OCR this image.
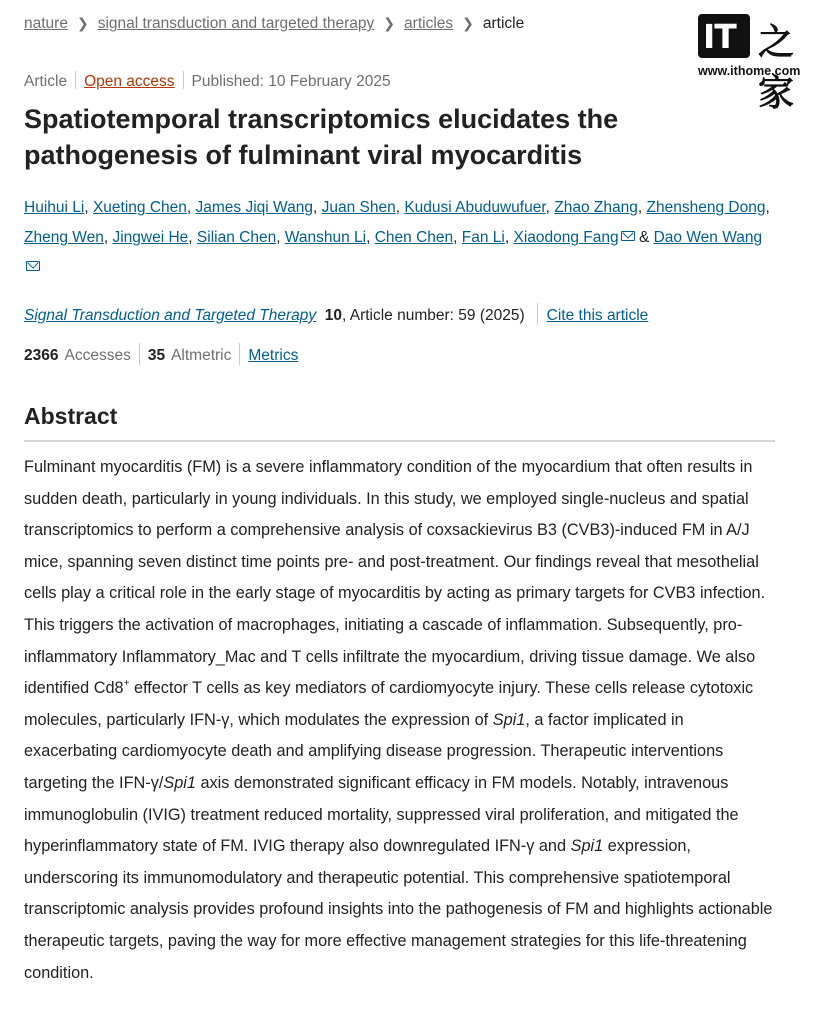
nature ❯ signal transduction and targeted therapy ❯ articles ❯ article	IT 之家
www.ithome.com
Article Open access Published: 10 February 2025
Spatiotemporal transcriptomics elucidates the pathogenesis of fulminant viral myocarditis
Huihui Li, Xueting Chen, James Jiqi Wang, Juan Shen, Kudusi Abuduwufuer, Zhao Zhang, Zhensheng Dong,
Zheng Wen, Jingwei He, Silian Chen, Wanshun Li, Chen Chen, Fan Li, Xiaodong Fang & Dao Wen Wang

Signal Transduction and Targeted Therapy 10, Article number: 59 (2025) Cite this article
2366 Accesses 35 Altmetric Metrics
Abstract

Fulminant myocarditis (FM) is a severe inflammatory condition of the myocardium that often results in sudden death, particularly in young individuals. In this study, we employed single-nucleus and spatial transcriptomics to perform a comprehensive analysis of coxsackievirus B3 (CVB3)-induced FM in A/J mice, spanning seven distinct time points pre- and post-treatment. Our findings reveal that mesothelial cells play a critical role in the early stage of myocarditis by acting as primary targets for CVB3 infection. This triggers the activation of macrophages, initiating a cascade of inflammation. Subsequently, pro-inflammatory Inflammatory_Mac and T cells infiltrate the myocardium, driving tissue damage. We also identified Cd8+ effector T cells as key mediators of cardiomyocyte injury. These cells release cytotoxic molecules, particularly IFN-γ, which modulates the expression of Spi1, a factor implicated in exacerbating cardiomyocyte death and amplifying disease progression. Therapeutic interventions targeting the IFN-γ/Spi1 axis demonstrated significant efficacy in FM models. Notably, intravenous immunoglobulin (IVIG) treatment reduced mortality, suppressed viral proliferation, and mitigated the hyperinflammatory state of FM. IVIG therapy also downregulated IFN-γ and Spi1 expression, underscoring its immunomodulatory and therapeutic potential. This comprehensive spatiotemporal transcriptomic analysis provides profound insights into the pathogenesis of FM and highlights actionable therapeutic targets, paving the way for more effective management strategies for this life-threatening condition.
